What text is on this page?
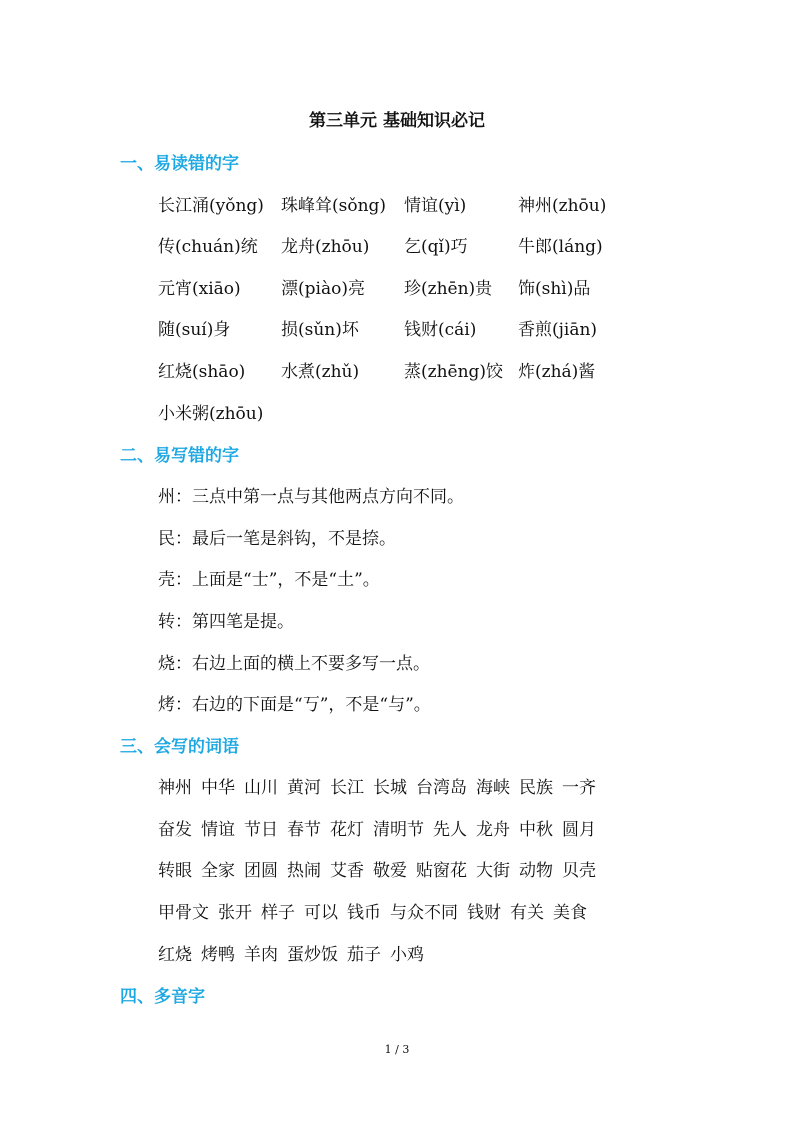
第三单元 基础知识必记
一、易读错的字
长江涌(yǒng) 珠峰耸(sǒng) 情谊(yì)	神州(zhōu)
传(chuán)统 龙舟(zhōu) 乞(qǐ)巧	牛郎(láng)
元宵(xiāo) 漂(piào)亮 珍(zhēn)贵 饰(shì)品
随(suí)身	损(sǔn)坏	钱财(cái) 香煎(jiān)
红烧(shāo) 水煮(zhǔ)	蒸(zhēng)饺 炸(zhá)酱
小米粥(zhōu)
二、易写错的字
州：三点中第一点与其他两点方向不同。
民：最后一笔是斜钩，不是捺。
壳：上面是“士”，不是“土”。
转：第四笔是提。
烧：右边上面的横上不要多写一点。
烤：右边的下面是“丂”，不是“与”。
三、会写的词语
神州 中华 山川 黄河 长江 长城 台湾岛 海峡 民族 一齐
奋发 情谊 节日 春节 花灯 清明节 先人 龙舟 中秋 圆月
转眼 全家 团圆 热闹 艾香 敬爱 贴窗花 大街 动物 贝壳
甲骨文 张开 样子 可以 钱币 与众不同 钱财 有关 美食
红烧 烤鸭 羊肉 蛋炒饭 茄子 小鸡
四、多音字
1 / 3
